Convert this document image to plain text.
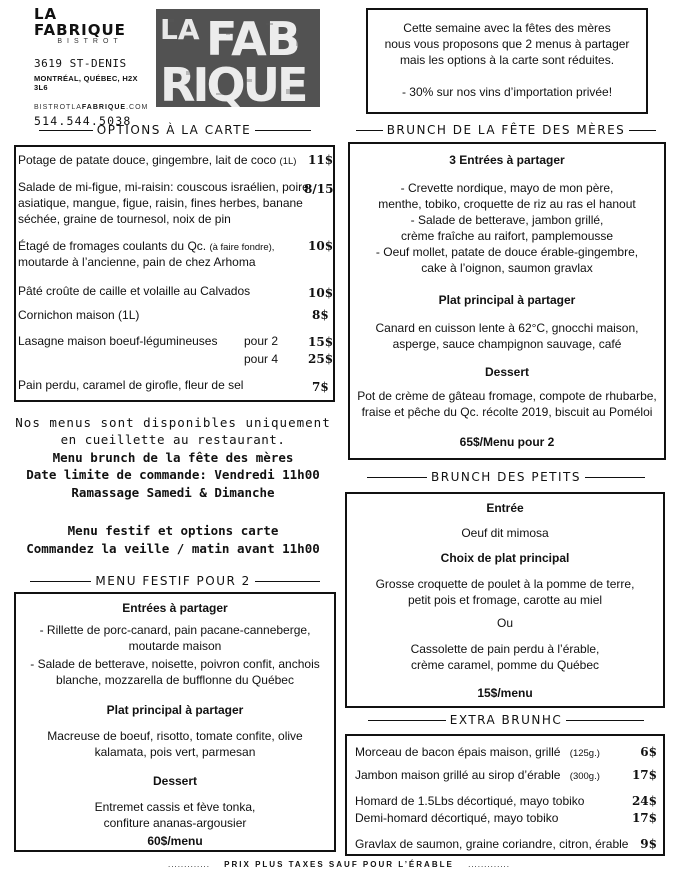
LA FABRIQUE
BISTROT
3619 ST-DENIS
MONTRÉAL, QUÉBEC, H2X 3L6
BISTROTLAFABRIQUE.COM
514.544.5038
LA FAB
RIQUE

Cette semaine avec la fêtes des mères

nous vous proposons que 2 menus à partager

mais les options à la carte sont réduites.

- 30% sur nos vins d’importation privée!

OPTIONS À LA CARTE
Potage de patate douce, gingembre, lait de coco (1L) 11$
Salade de mi-figue, mi-raisin: couscous israélien, poire
asiatique, mangue, figue, raisin, fines herbes, banane
séchée, graine de tournesol, noix de pin
8/15
Étagé de fromages coulants du Qc. (à faire fondre),
moutarde à l’ancienne, pain de chez Arhoma
10$
Pâté croûte de caille et volaille au Calvados	10$
Cornichon maison (1L)	8$
Lasagne maison boeuf-légumineuses pour 2 15$
pour 4 25$
Pain perdu, caramel de girofle, fleur de sel	7$
Nos menus sont disponibles uniquement
en cueillette au restaurant.
Menu brunch de la fête des mères
Date limite de commande: Vendredi 11h00
Ramassage Samedi & Dimanche
Menu festif et options carte
Commandez la veille / matin avant 11h00
MENU FESTIF POUR 2
Entrées à partager
- Rillette de porc-canard, pain pacane-canneberge,
moutarde maison
- Salade de betterave, noisette, poivron confit, anchois
blanche, mozzarella de bufflonne du Québec
Plat principal à partager
Macreuse de boeuf, risotto, tomate confite, olive
kalamata, pois vert, parmesan
Dessert
Entremet cassis et fève tonka,
confiture ananas-argousier
60$/menu
BRUNCH DE LA FÊTE DES MÈRES
3 Entrées à partager
- Crevette nordique, mayo de mon père,
menthe, tobiko, croquette de riz au ras el hanout
- Salade de betterave, jambon grillé,
crème fraîche au raifort, pamplemousse
- Oeuf mollet, patate de douce érable-gingembre,
cake à l’oignon, saumon gravlax
Plat principal à partager
Canard en cuisson lente à 62°C, gnocchi maison,
asperge, sauce champignon sauvage, café
Dessert
Pot de crème de gâteau fromage, compote de rhubarbe,
fraise et pêche du Qc. récolte 2019, biscuit au Poméloi
65$/Menu pour 2
BRUNCH DES PETITS
Entrée
Oeuf dit mimosa
Choix de plat principal
Grosse croquette de poulet à la pomme de terre,
petit pois et fromage, carotte au miel
Ou
Cassolette de pain perdu à l’érable,
crème caramel, pomme du Québec
15$/menu
EXTRA BRUNHC
Morceau de bacon épais maison, grillé (125g.)	6$
Jambon maison grillé au sirop d’érable (300g.)	17$
Homard de 1.5Lbs décortiqué, mayo tobiko	24$
Demi-homard décortiqué, mayo tobiko	17$
Gravlax de saumon, graine coriandre, citron, érable 9$
............. PRIX PLUS TAXES SAUF POUR L’ÉRABLE .............
